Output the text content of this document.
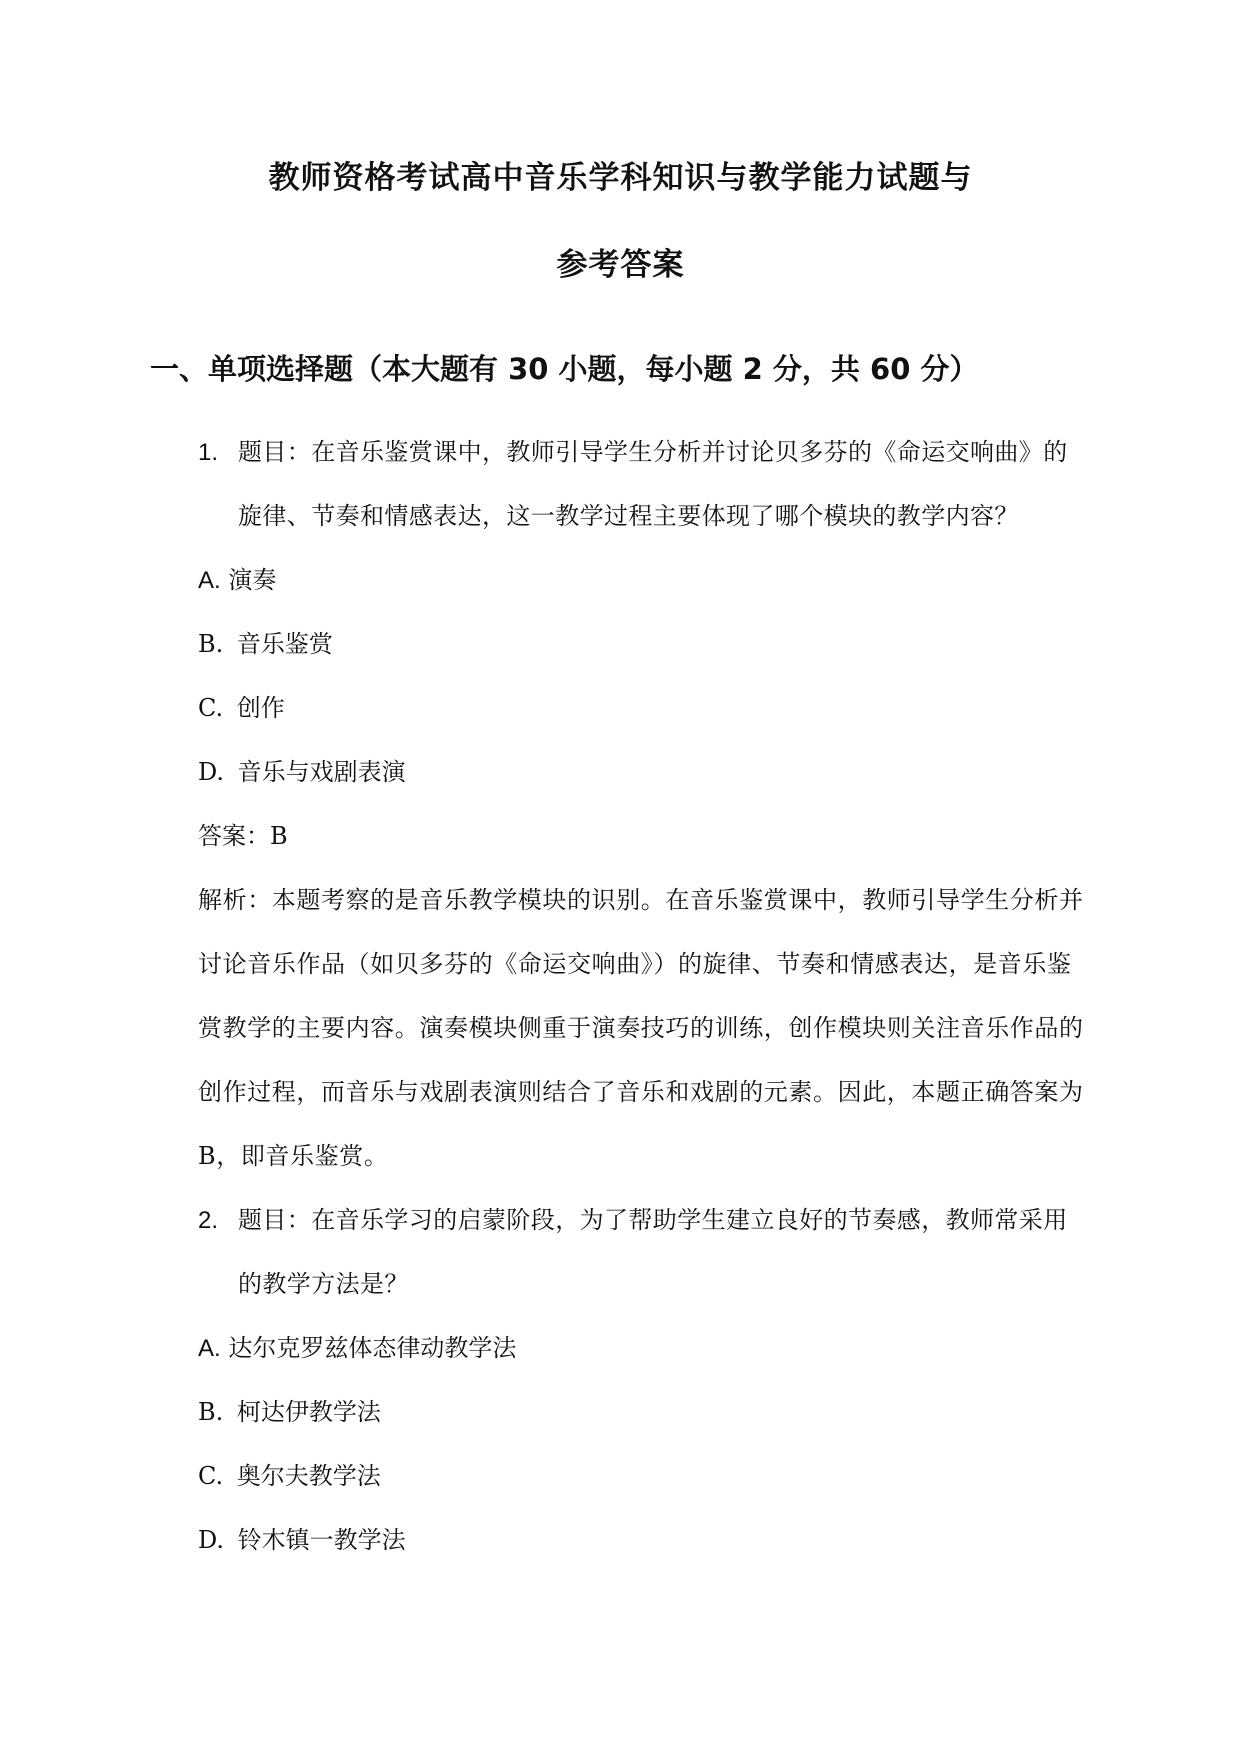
教师资格考试高中音乐学科知识与教学能力试题与
参考答案
一、单项选择题（本大题有 30 小题，每小题 2 分，共 60 分）
1. 题目：在音乐鉴赏课中，教师引导学生分析并讨论贝多芬的《命运交响曲》的
旋律、节奏和情感表达，这一教学过程主要体现了哪个模块的教学内容？
A. 演奏
B. 音乐鉴赏
C. 创作
D. 音乐与戏剧表演
答案：B
解析：本题考察的是音乐教学模块的识别。在音乐鉴赏课中，教师引导学生分析并
讨论音乐作品（如贝多芬的《命运交响曲》）的旋律、节奏和情感表达，是音乐鉴
赏教学的主要内容。演奏模块侧重于演奏技巧的训练，创作模块则关注音乐作品的
创作过程，而音乐与戏剧表演则结合了音乐和戏剧的元素。因此，本题正确答案为
B，即音乐鉴赏。
2. 题目：在音乐学习的启蒙阶段，为了帮助学生建立良好的节奏感，教师常采用
的教学方法是？
A. 达尔克罗兹体态律动教学法
B. 柯达伊教学法
C. 奥尔夫教学法
D. 铃木镇一教学法
